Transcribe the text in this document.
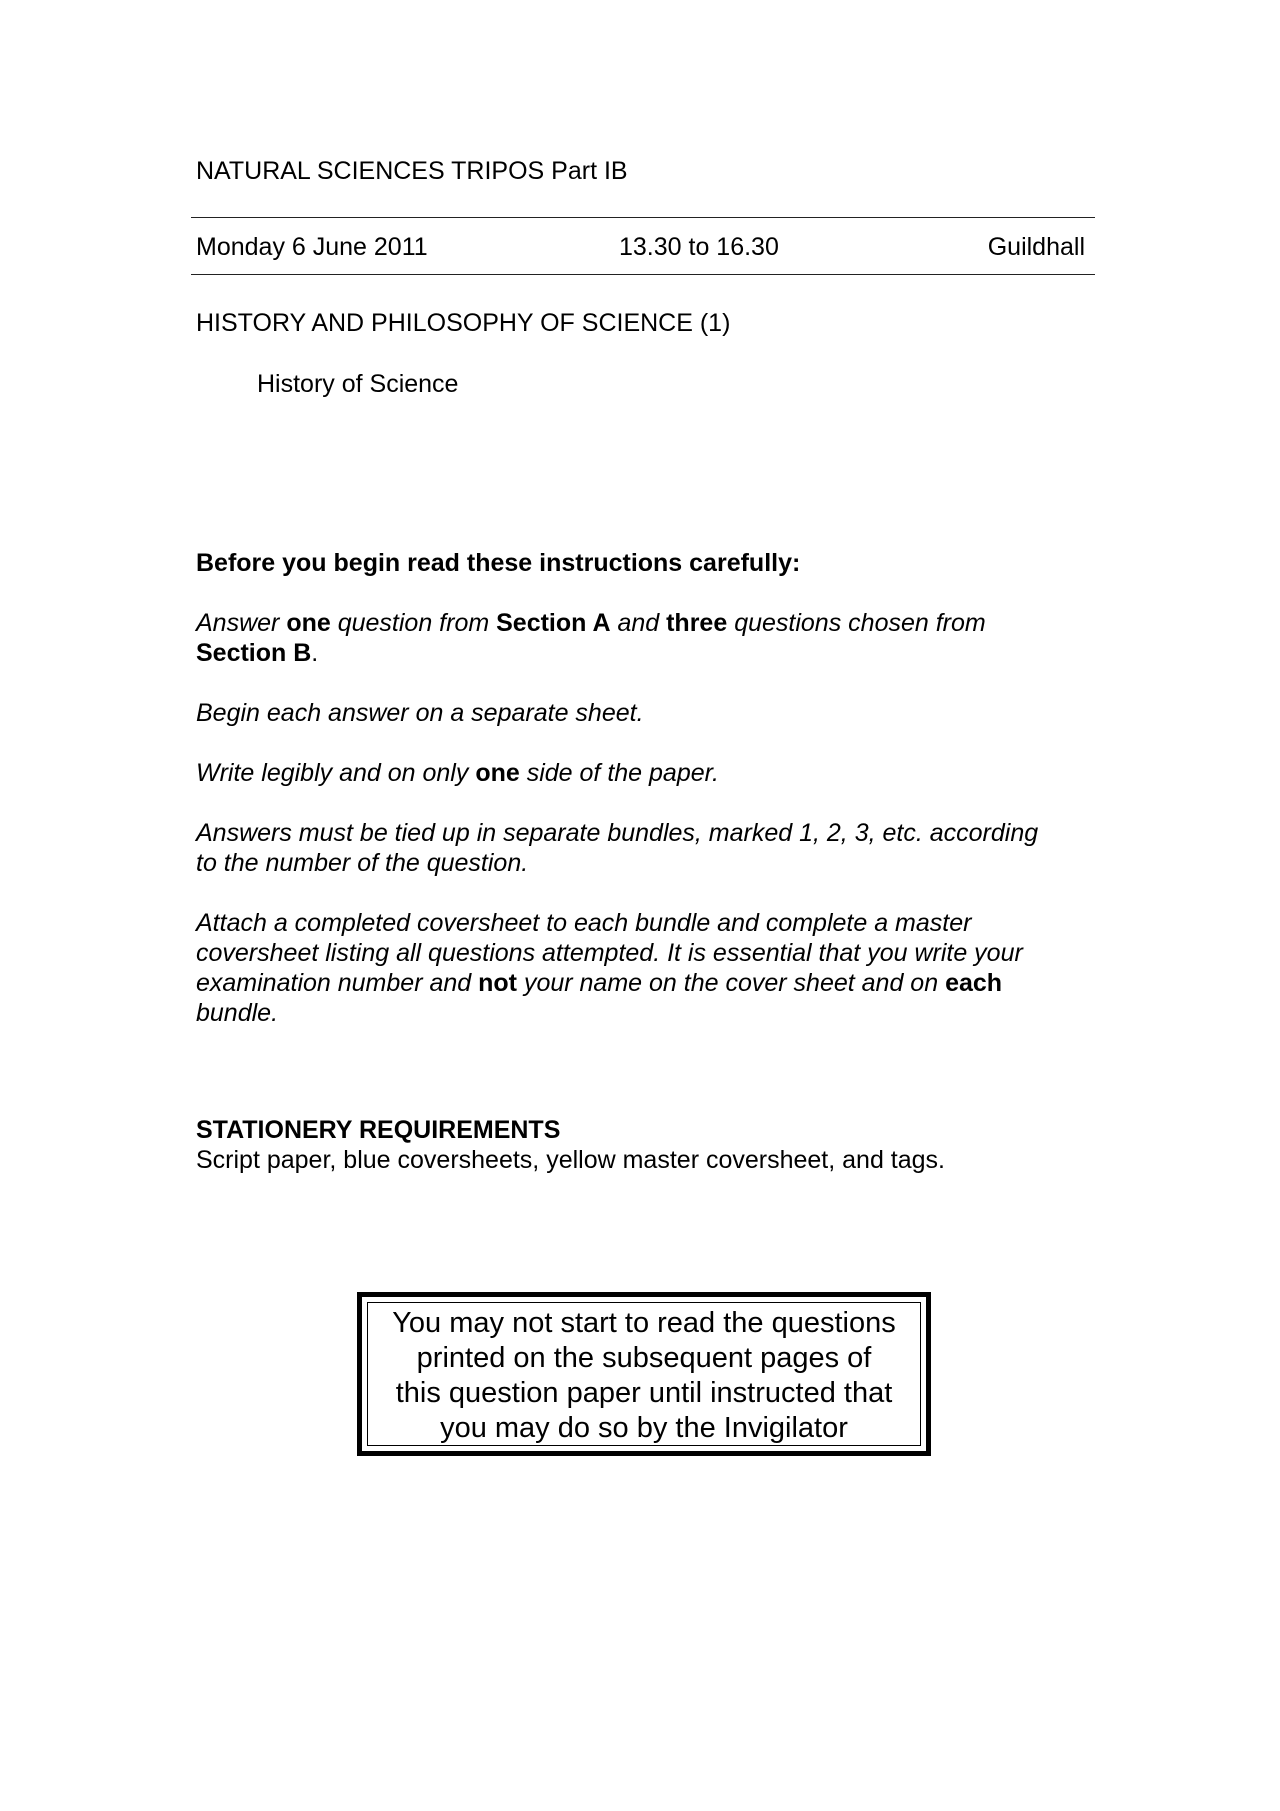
NATURAL SCIENCES TRIPOS Part IB
Monday 6 June 2011	13.30 to 16.30	Guildhall
HISTORY AND PHILOSOPHY OF SCIENCE (1)
History of Science
Before you begin read these instructions carefully:
Answer one question from Section A and three questions chosen from
Section B.
Begin each answer on a separate sheet.
Write legibly and on only one side of the paper.
Answers must be tied up in separate bundles, marked 1, 2, 3, etc. according
to the number of the question.
Attach a completed coversheet to each bundle and complete a master
coversheet listing all questions attempted. It is essential that you write your
examination number and not your name on the cover sheet and on each
bundle.
STATIONERY REQUIREMENTS
Script paper, blue coversheets, yellow master coversheet, and tags.
You may not start to read the questions
printed on the subsequent pages of
this question paper until instructed that
you may do so by the Invigilator
